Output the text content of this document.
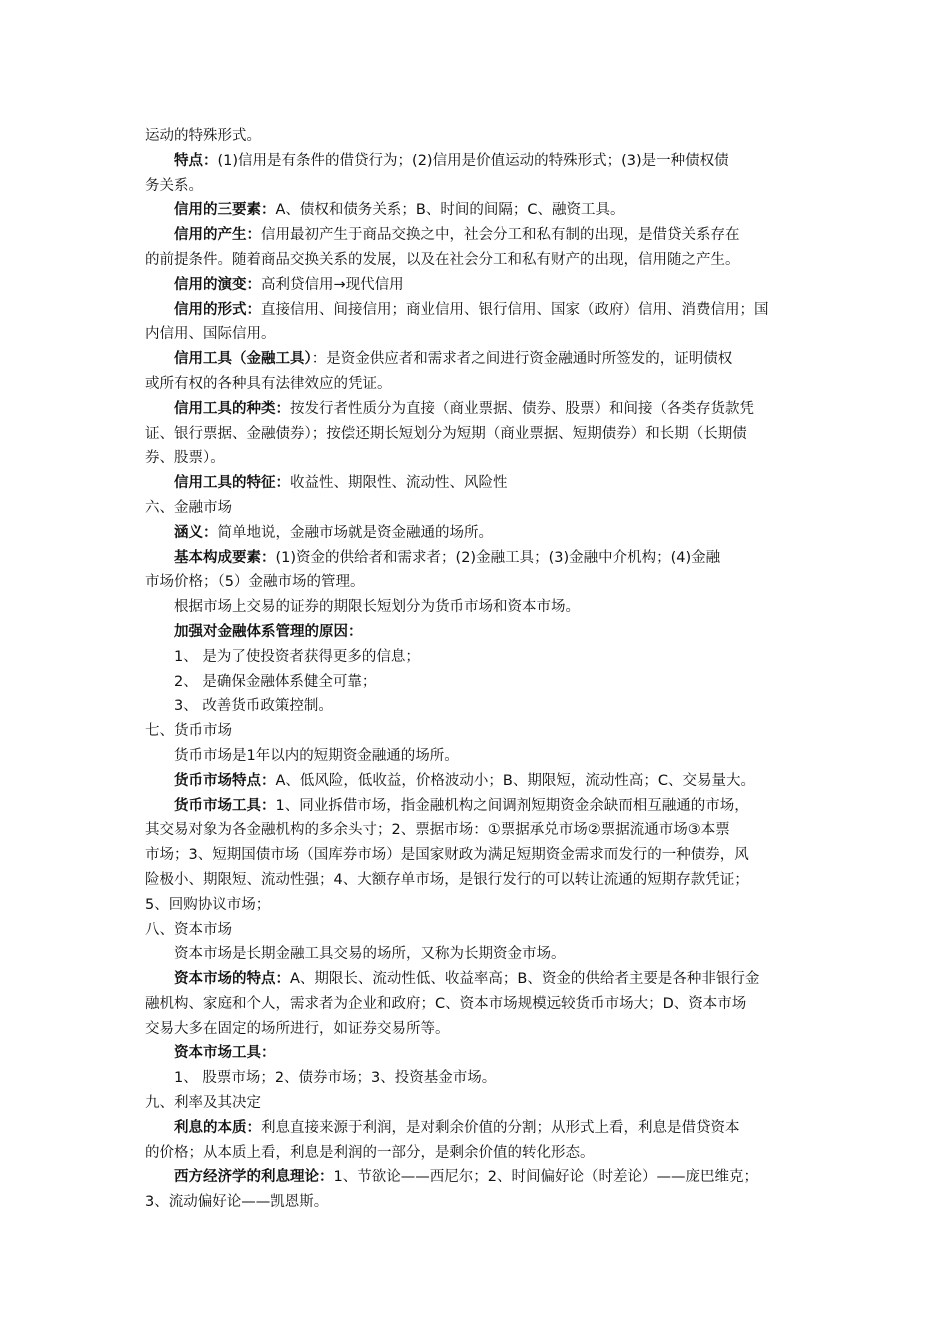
运动的特殊形式。
特点：(1)信用是有条件的借贷行为；(2)信用是价值运动的特殊形式；(3)是一种债权债
务关系。
信用的三要素：A、债权和债务关系；B、时间的间隔；C、融资工具。
信用的产生：信用最初产生于商品交换之中，社会分工和私有制的出现，是借贷关系存在
的前提条件。随着商品交换关系的发展，以及在社会分工和私有财产的出现，信用随之产生。
信用的演变：高利贷信用→现代信用
信用的形式：直接信用、间接信用；商业信用、银行信用、国家（政府）信用、消费信用；国
内信用、国际信用。
信用工具（金融工具）：是资金供应者和需求者之间进行资金融通时所签发的，证明债权
或所有权的各种具有法律效应的凭证。
信用工具的种类：按发行者性质分为直接（商业票据、债券、股票）和间接（各类存货款凭
证、银行票据、金融债券）；按偿还期长短划分为短期（商业票据、短期债券）和长期（长期债
券、股票）。
信用工具的特征：收益性、期限性、流动性、风险性
六、金融市场
涵义：简单地说，金融市场就是资金融通的场所。
基本构成要素：(1)资金的供给者和需求者；(2)金融工具；(3)金融中介机构；(4)金融
市场价格；（5）金融市场的管理。
根据市场上交易的证券的期限长短划分为货币市场和资本市场。
加强对金融体系管理的原因：
1、 是为了使投资者获得更多的信息；
2、 是确保金融体系健全可靠；
3、 改善货币政策控制。
七、货币市场
货币市场是1年以内的短期资金融通的场所。
货币市场特点：A、低风险，低收益，价格波动小；B、期限短，流动性高；C、交易量大。
货币市场工具：1、同业拆借市场，指金融机构之间调剂短期资金余缺而相互融通的市场，
其交易对象为各金融机构的多余头寸；2、票据市场：①票据承兑市场②票据流通市场③本票
市场；3、短期国债市场（国库券市场）是国家财政为满足短期资金需求而发行的一种债券，风
险极小、期限短、流动性强；4、大额存单市场，是银行发行的可以转让流通的短期存款凭证；
5、回购协议市场；
八、资本市场
资本市场是长期金融工具交易的场所，又称为长期资金市场。
资本市场的特点：A、期限长、流动性低、收益率高；B、资金的供给者主要是各种非银行金
融机构、家庭和个人，需求者为企业和政府；C、资本市场规模远较货币市场大；D、资本市场
交易大多在固定的场所进行，如证券交易所等。
资本市场工具：
1、 股票市场；2、债券市场；3、投资基金市场。
九、利率及其决定
利息的本质：利息直接来源于利润，是对剩余价值的分割；从形式上看，利息是借贷资本
的价格；从本质上看，利息是利润的一部分，是剩余价值的转化形态。
西方经济学的利息理论：1、节欲论——西尼尔；2、时间偏好论（时差论）——庞巴维克；
3、流动偏好论——凯恩斯。
